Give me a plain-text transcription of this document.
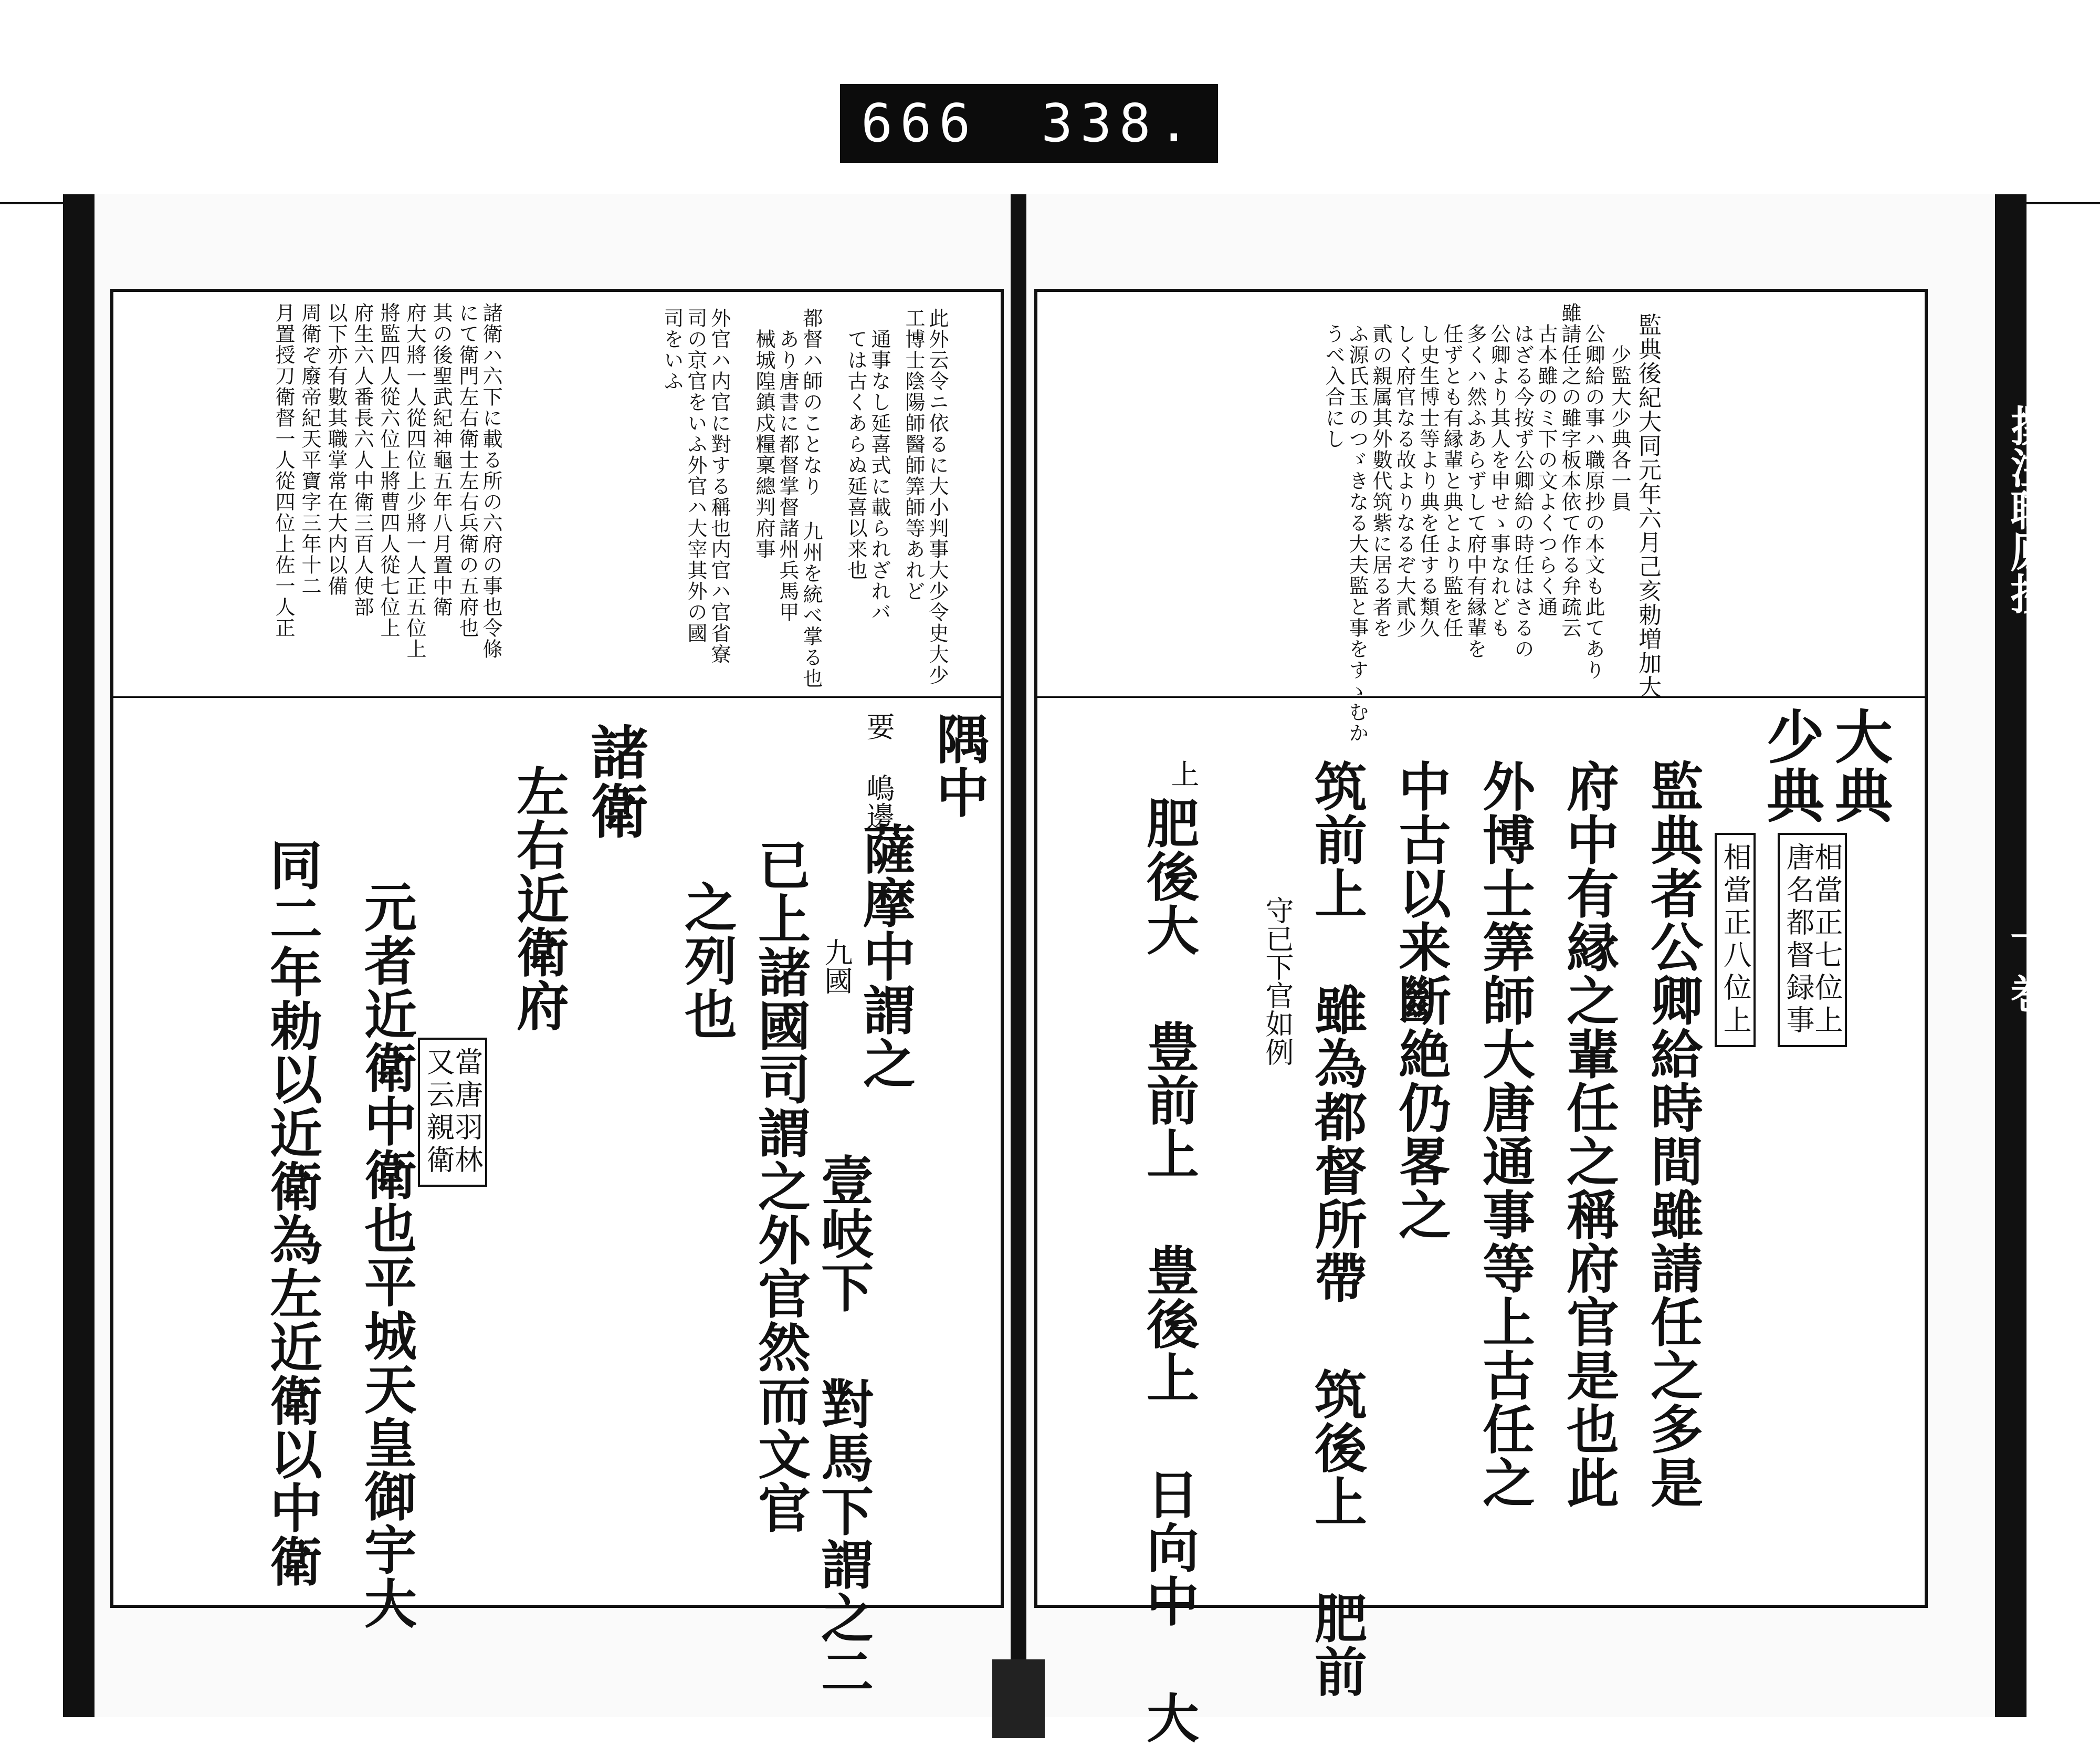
666 338.
撰注職原抄
下巻
此外云令ニ依るに大小判事大少令史大少
工博士陰陽師醫師筭師等あれど
通事なし延喜式に載られざれバ
ては古くあらぬ延喜以来也
都督ハ師のことなり 九州を統べ掌る也
あり唐書に都督掌督諸州兵馬甲
械城隍鎮戍糧稟總判府事
外官ハ内官に對する稱也内官ハ官省寮
司の京官をいふ外官ハ大宰其外の國
司をいふ
諸衛ハ六下に載る所の六府の事也令條
にて衛門左右衛士左右兵衛の五府也
其の後聖武紀神龜五年八月置中衛
府大將一人從四位上少將一人正五位上
將監四人從六位上將曹四人從七位上
府生六人番長六人中衛三百人使部
以下亦有數其職掌常在大内以備
周衛ぞ廢帝紀天平寶字三年十二
月置授刀衛督一人從四位上佐一人正
隅中
要 嶋邊
薩摩中謂之
九國
壹岐下 對馬下謂之二
已上諸國司謂之外官然而文官
之列也
諸衛
左右近衛府
當唐羽林
又云親衛
元者近衛中衛也平城天皇御宇大
同二年勅以近衛為左近衛以中衛
監典後紀大同元年六月己亥勅増加大
少監大少典各一員
公卿給の事ハ職原抄の本文も此てあり
雖請任之の雖字板本依て作る弁疏云
古本雖のミ下の文よくつらく通
はざる今按ず公卿給の時任はさるの
公卿より其人を申せゝ事なれども
多くハ然ふあらずして府中有縁輩を
任ずとも有縁輩と典とより監を任
し史生博士等より典を任する類久
しく府官なる故よりなるぞ大貳少
貳の親属其外數代筑紫に居る者を
ふ源氏玉のつゞきなる大夫監と事をすゝむか
うべ入合にし
大典
少典
相當正七位上
唐名都督録事
相當正八位上
監典者公卿給時間雖請任之多是
府中有縁之輩任之稱府官是也此
外博士筭師大唐通事等上古任之
中古以来斷絶仍畧之
筑前上 雖為都督所帶 筑後上 肥前
守已下官如例
上
肥後大 豊前上 豊後上 日向中 大
